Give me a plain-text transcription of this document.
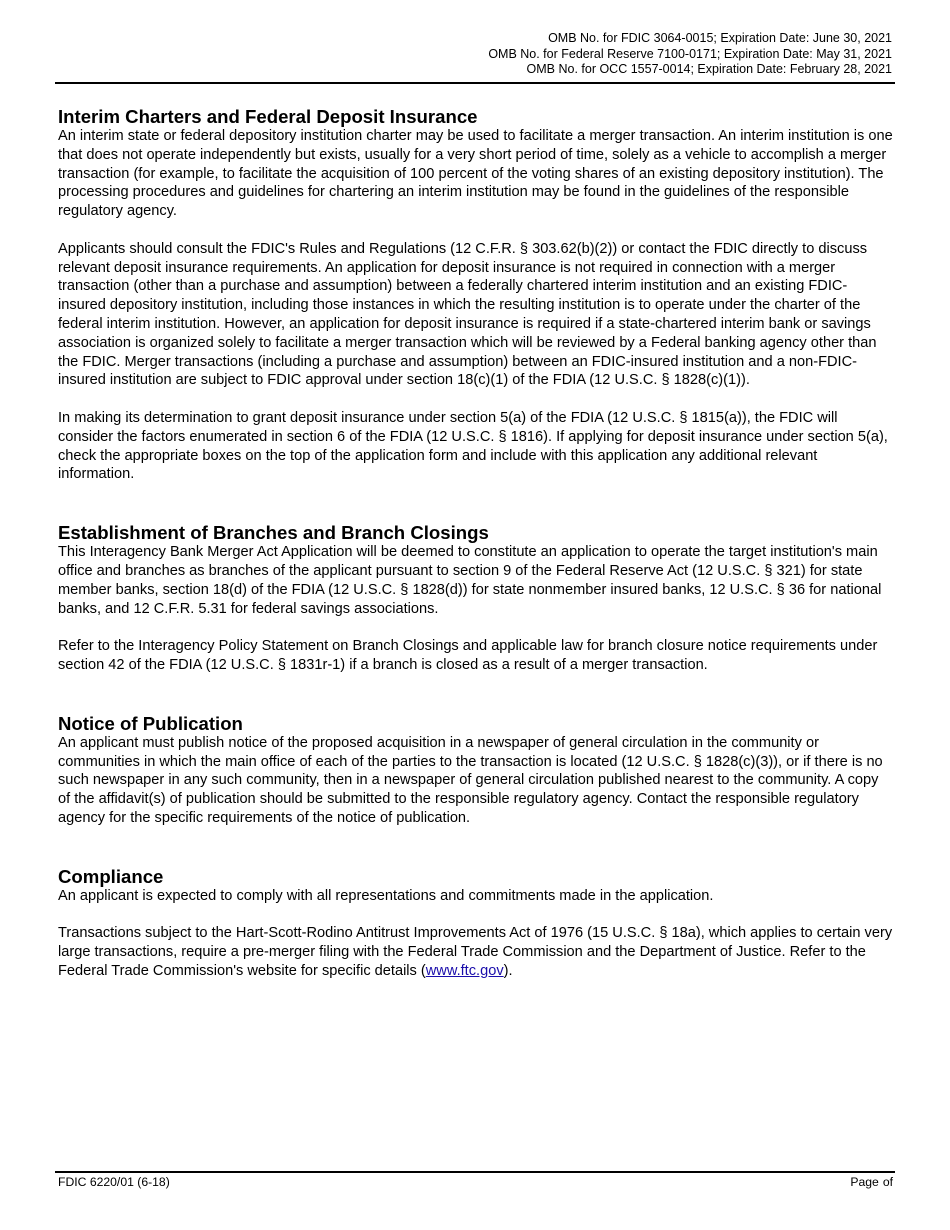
OMB No. for FDIC 3064-0015; Expiration Date: June 30, 2021
OMB No. for Federal Reserve 7100-0171; Expiration Date: May 31, 2021
OMB No. for OCC 1557-0014; Expiration Date: February 28, 2021
Interim Charters and Federal Deposit Insurance

An interim state or federal depository institution charter may be used to facilitate a merger transaction. An interim institution is one that does not operate independently but exists, usually for a very short period of time, solely as a vehicle to accomplish a merger transaction (for example, to facilitate the acquisition of 100 percent of the voting shares of an existing depository institution). The processing procedures and guidelines for chartering an interim institution may be found in the guidelines of the responsible regulatory agency.

Applicants should consult the FDIC's Rules and Regulations (12 C.F.R. § 303.62(b)(2)) or contact the FDIC directly to discuss relevant deposit insurance requirements. An application for deposit insurance is not required in connection with a merger transaction (other than a purchase and assumption) between a federally chartered interim institution and an existing FDIC-insured depository institution, including those instances in which the resulting institution is to operate under the charter of the federal interim institution. However, an application for deposit insurance is required if a state-chartered interim bank or savings association is organized solely to facilitate a merger transaction which will be reviewed by a Federal banking agency other than the FDIC. Merger transactions (including a purchase and assumption) between an FDIC-insured institution and a non-FDIC-insured institution are subject to FDIC approval under section 18(c)(1) of the FDIA (12 U.S.C. § 1828(c)(1)).

In making its determination to grant deposit insurance under section 5(a) of the FDIA (12 U.S.C. § 1815(a)), the FDIC will consider the factors enumerated in section 6 of the FDIA (12 U.S.C. § 1816). If applying for deposit insurance under section 5(a), check the appropriate boxes on the top of the application form and include with this application any additional relevant information.

Establishment of Branches and Branch Closings

This Interagency Bank Merger Act Application will be deemed to constitute an application to operate the target institution's main office and branches as branches of the applicant pursuant to section 9 of the Federal Reserve Act (12 U.S.C. § 321) for state member banks, section 18(d) of the FDIA (12 U.S.C. § 1828(d)) for state nonmember insured banks, 12 U.S.C. § 36 for national banks, and 12 C.F.R. 5.31 for federal savings associations.

Refer to the Interagency Policy Statement on Branch Closings and applicable law for branch closure notice requirements under section 42 of the FDIA (12 U.S.C. § 1831r-1) if a branch is closed as a result of a merger transaction.

Notice of Publication

An applicant must publish notice of the proposed acquisition in a newspaper of general circulation in the community or communities in which the main office of each of the parties to the transaction is located (12 U.S.C. § 1828(c)(3)), or if there is no such newspaper in any such community, then in a newspaper of general circulation published nearest to the community. A copy of the affidavit(s) of publication should be submitted to the responsible regulatory agency. Contact the responsible regulatory agency for the specific requirements of the notice of publication.

Compliance

An applicant is expected to comply with all representations and commitments made in the application.

Transactions subject to the Hart-Scott-Rodino Antitrust Improvements Act of 1976 (15 U.S.C. § 18a), which applies to certain very large transactions, require a pre-merger filing with the Federal Trade Commission and the Department of Justice. Refer to the Federal Trade Commission's website for specific details (www.ftc.gov).

FDIC 6220/01 (6-18)	Page of
